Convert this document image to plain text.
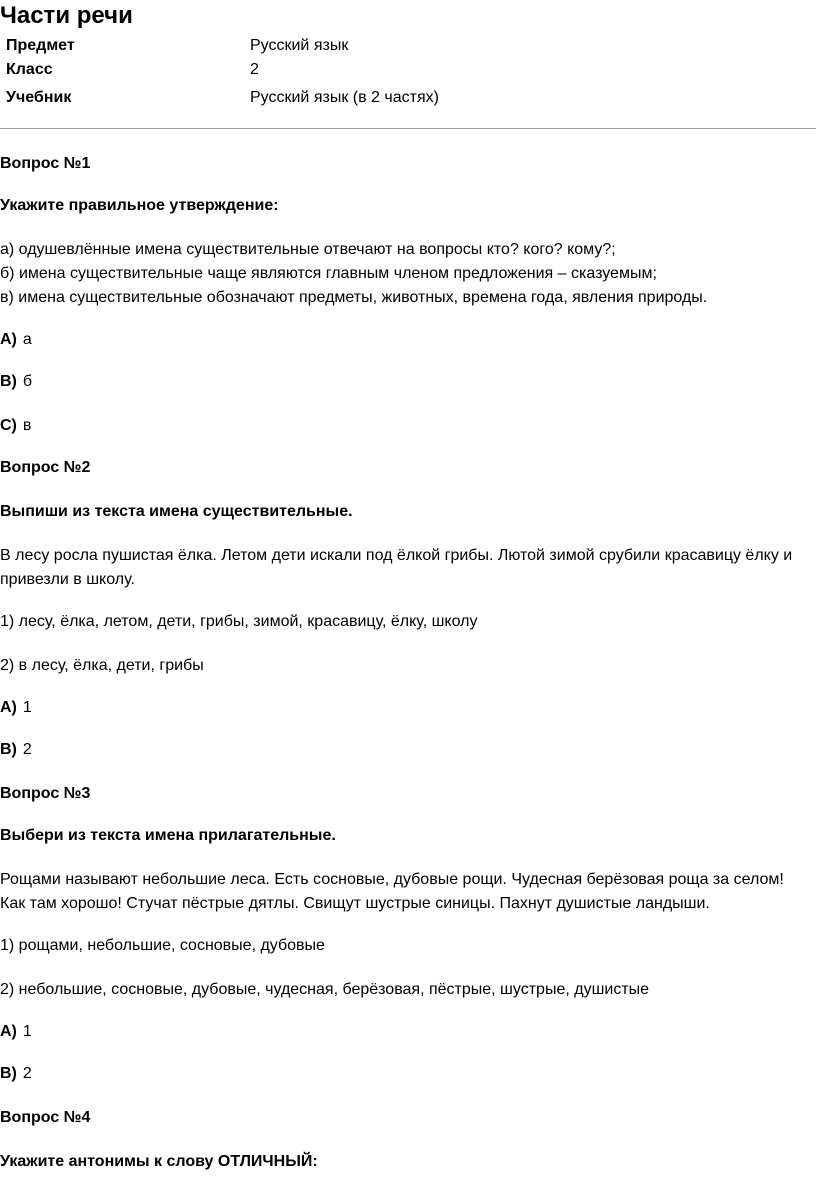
Части речи
Предмет	Русский язык
Класс	2
Учебник	Русский язык (в 2 частях)
Вопрос №1
Укажите правильное утверждение:
а) одушевлённые имена существительные отвечают на вопросы кто? кого? кому?;
б) имена существительные чаще являются главным членом предложения – сказуемым;
в) имена существительные обозначают предметы, животных, времена года, явления природы.
A) а
B) б
C) в
Вопрос №2
Выпиши из текста имена существительные.
В лесу росла пушистая ёлка. Летом дети искали под ёлкой грибы. Лютой зимой срубили красавицу ёлку и
привезли в школу.
1) лесу, ёлка, летом, дети, грибы, зимой, красавицу, ёлку, школу
2) в лесу, ёлка, дети, грибы
A) 1
B) 2
Вопрос №3
Выбери из текста имена прилагательные.
Рощами называют небольшие леса. Есть сосновые, дубовые рощи. Чудесная берёзовая роща за селом!
Как там хорошо! Стучат пёстрые дятлы. Свищут шустрые синицы. Пахнут душистые ландыши.
1) рощами, небольшие, сосновые, дубовые
2) небольшие, сосновые, дубовые, чудесная, берёзовая, пёстрые, шустрые, душистые
A) 1
B) 2
Вопрос №4
Укажите антонимы к слову ОТЛИЧНЫЙ:
